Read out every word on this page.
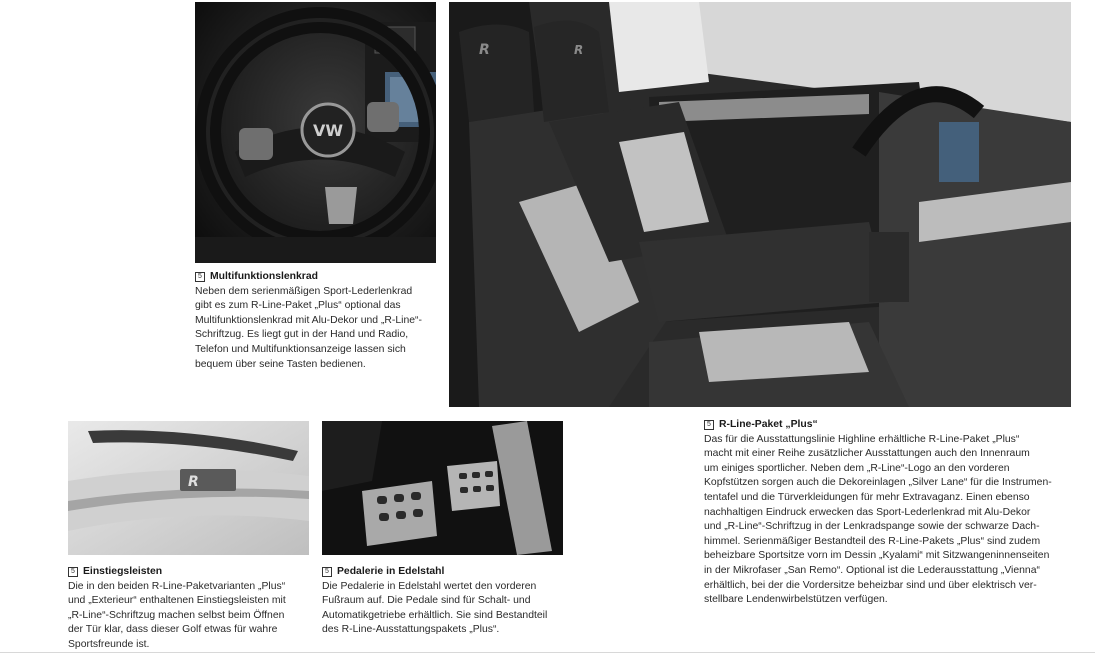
VW
R	R
R
5 Multifunktionslenkrad
Neben dem serienmäßigen Sport-Lederlenkrad
gibt es zum R-Line-Paket „Plus“ optional das
Multifunktionslenkrad mit Alu-Dekor und „R-Line“-
Schriftzug. Es liegt gut in der Hand und Radio,
Telefon und Multifunktionsanzeige lassen sich
bequem über seine Tasten bedienen.
5 Einstiegsleisten
Die in den beiden R-Line-Paketvarianten „Plus“
und „Exterieur“ enthaltenen Einstiegsleisten mit
„R-Line“-Schriftzug machen selbst beim Öffnen
der Tür klar, dass dieser Golf etwas für wahre
Sportsfreunde ist.
5 Pedalerie in Edelstahl
Die Pedalerie in Edelstahl wertet den vorderen
Fußraum auf. Die Pedale sind für Schalt- und
Automatikgetriebe erhältlich. Sie sind Bestandteil
des R-Line-Ausstattungspakets „Plus“.
5 R-Line-Paket „Plus“
Das für die Ausstattungslinie Highline erhältliche R-Line-Paket „Plus“
macht mit einer Reihe zusätzlicher Ausstattungen auch den Innenraum
um einiges sportlicher. Neben dem „R-Line“-Logo an den vorderen
Kopfstützen sorgen auch die Dekoreinlagen „Silver Lane“ für die Instrumen-
tentafel und die Türverkleidungen für mehr Extravaganz. Einen ebenso
nachhaltigen Eindruck erwecken das Sport-Lederlenkrad mit Alu-Dekor
und „R-Line“-Schriftzug in der Lenkradspange sowie der schwarze Dach-
himmel. Serienmäßiger Bestandteil des R-Line-Pakets „Plus“ sind zudem
beheizbare Sportsitze vorn im Dessin „Kyalami“ mit Sitzwangeninnenseiten
in der Mikrofaser „San Remo“. Optional ist die Lederausstattung „Vienna“
erhältlich, bei der die Vordersitze beheizbar sind und über elektrisch ver-
stellbare Lendenwirbelstützen verfügen.
